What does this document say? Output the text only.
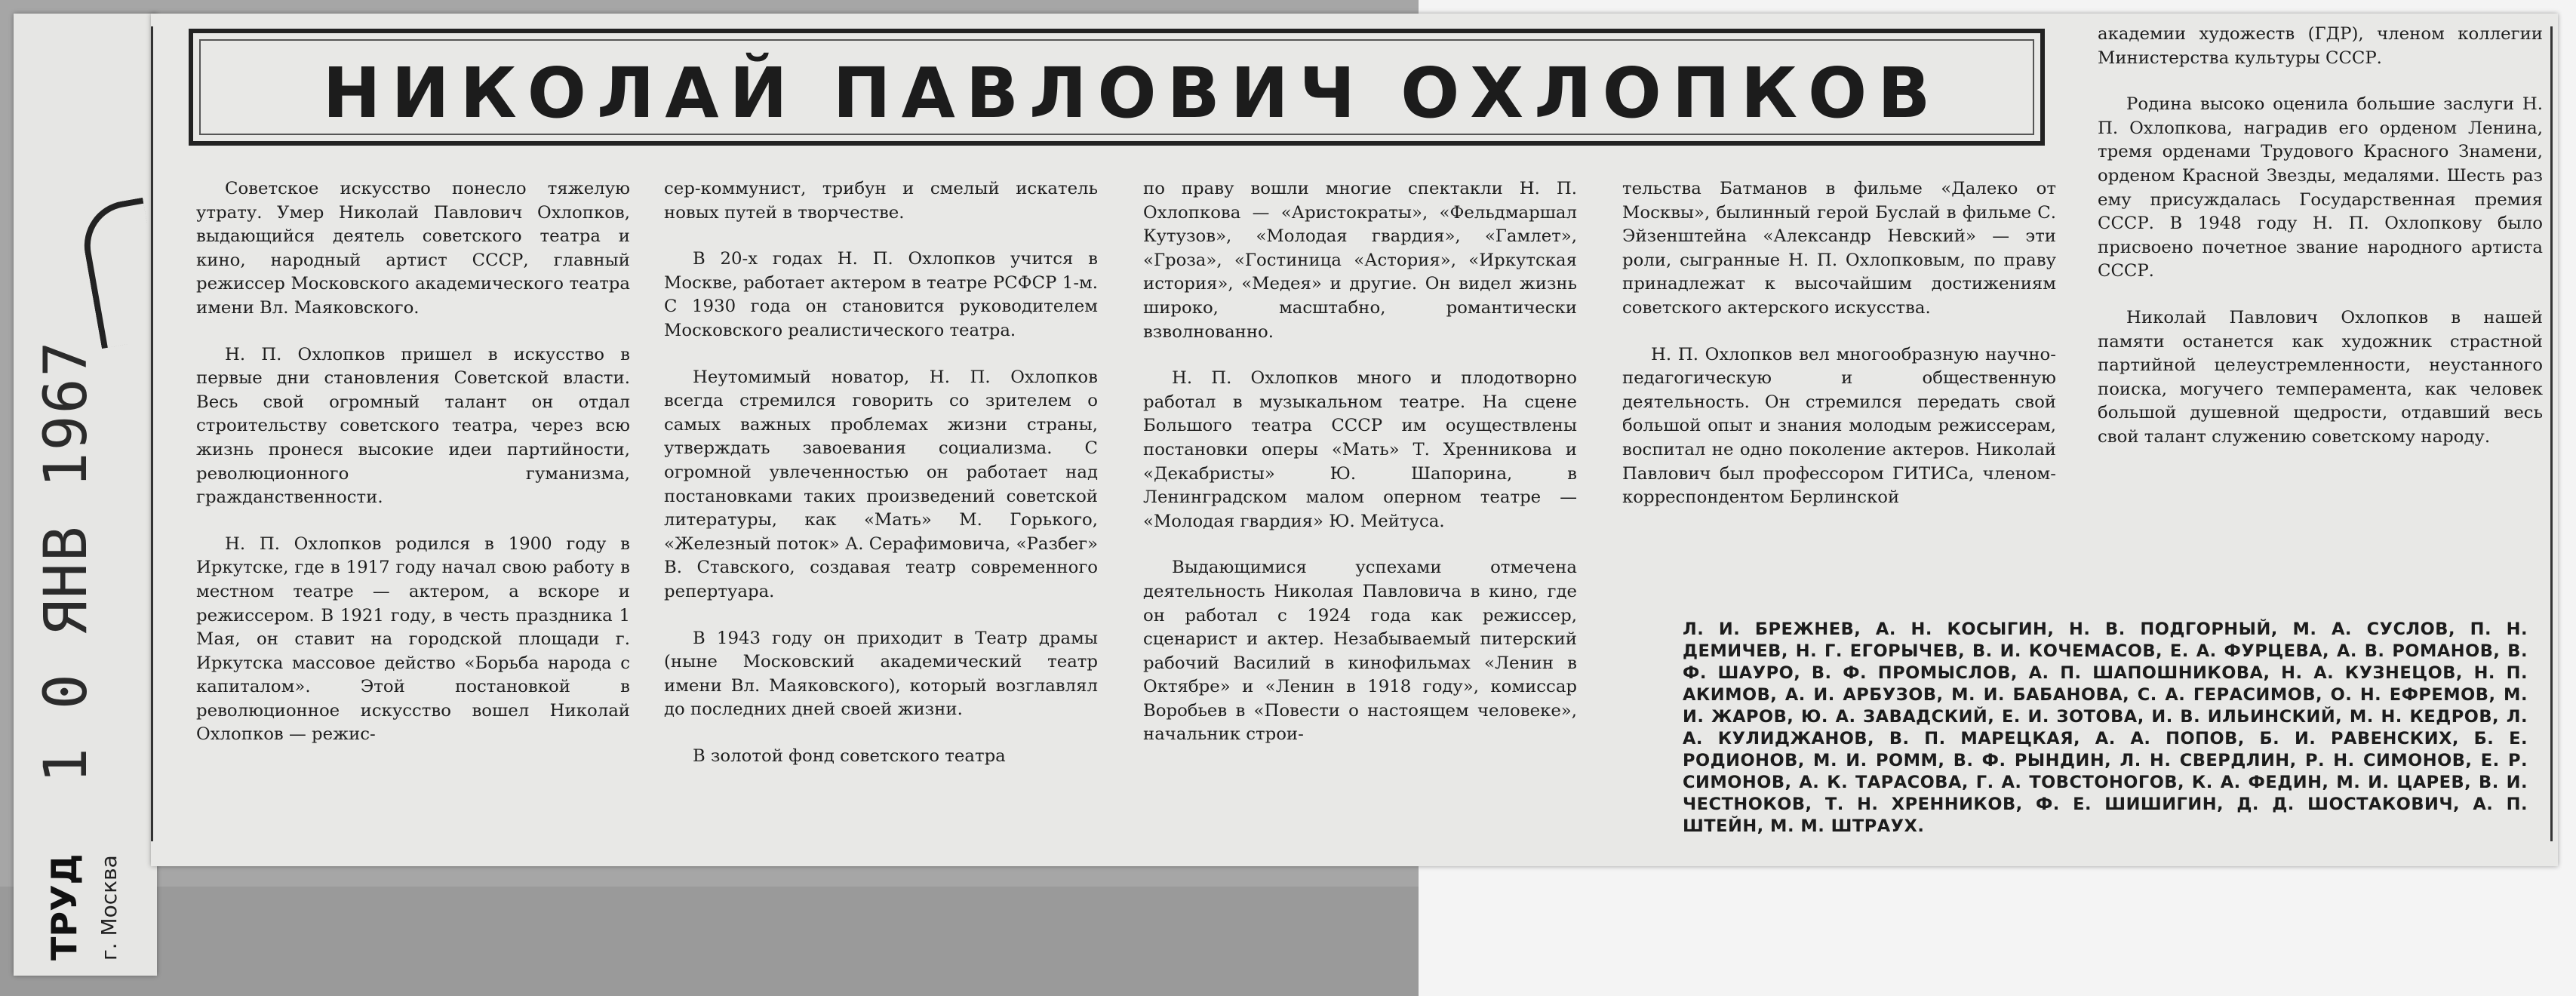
1 0 ЯНВ 1967
ТРУД г. Москва
НИКОЛАЙ ПАВЛОВИЧ ОХЛОПКОВ

Советское искусство понесло тяжелую утрату. Умер Николай Павлович Охлопков, выдающийся деятель советского театра и кино, народный артист СССР, главный режиссер Московского академического театра имени Вл. Маяковского.

Н. П. Охлопков пришел в искусство в первые дни становления Советской власти. Весь свой огромный талант он отдал строительству советского театра, через всю жизнь пронеся высокие идеи партийности, революционного гуманизма, гражданственности.

Н. П. Охлопков родился в 1900 году в Иркутске, где в 1917 году начал свою работу в местном театре — актером, а вскоре и режиссером. В 1921 году, в честь праздника 1 Мая, он ставит на городской площади г. Иркутска массовое действо «Борьба народа с капиталом». Этой постановкой в революционное искусство вошел Николай Охлопков — режис-

сер-коммунист, трибун и смелый искатель новых путей в творчестве.

В 20-х годах Н. П. Охлопков учится в Москве, работает актером в театре РСФСР 1-м. С 1930 года он становится руководителем Московского реалистического театра.

Неутомимый новатор, Н. П. Охлопков всегда стремился говорить со зрителем о самых важных проблемах жизни страны, утверждать завоевания социализма. С огромной увлеченностью он работает над постановками таких произведений советской литературы, как «Мать» М. Горького, «Железный поток» А. Серафимовича, «Разбег» В. Ставского, создавая театр современного репертуара.

В 1943 году он приходит в Театр драмы (ныне Московский академический театр имени Вл. Маяковского), который возглавлял до последних дней своей жизни.

В золотой фонд советского театра

по праву вошли многие спектакли Н. П. Охлопкова — «Аристократы», «Фельдмаршал Кутузов», «Молодая гвардия», «Гамлет», «Гроза», «Гостиница «Астория», «Иркутская история», «Медея» и другие. Он видел жизнь широко, масштабно, романтически взволнованно.

Н. П. Охлопков много и плодотворно работал в музыкальном театре. На сцене Большого театра СССР им осуществлены постановки оперы «Мать» Т. Хренникова и «Декабристы» Ю. Шапорина, в Ленинградском малом оперном театре — «Молодая гвардия» Ю. Мейтуса.

Выдающимися успехами отмечена деятельность Николая Павловича в кино, где он работал с 1924 года как режиссер, сценарист и актер. Незабываемый питерский рабочий Василий в кинофильмах «Ленин в Октябре» и «Ленин в 1918 году», комиссар Воробьев в «Повести о настоящем человеке», начальник строи-

тельства Батманов в фильме «Далеко от Москвы», былинный герой Буслай в фильме С. Эйзенштейна «Александр Невский» — эти роли, сыгранные Н. П. Охлопковым, по праву принадлежат к высочайшим достижениям советского актерского искусства.

Н. П. Охлопков вел многообразную научно-педагогическую и общественную деятельность. Он стремился передать свой большой опыт и знания молодым режиссерам, воспитал не одно поколение актеров. Николай Павлович был профессором ГИТИСа, членом-корреспондентом Берлинской

академии художеств (ГДР), членом коллегии Министерства культуры СССР.

Родина высоко оценила большие заслуги Н. П. Охлопкова, наградив его орденом Ленина, тремя орденами Трудового Красного Знамени, орденом Красной Звезды, медалями. Шесть раз ему присуждалась Государственная премия СССР. В 1948 году Н. П. Охлопкову было присвоено почетное звание народного артиста СССР.

Николай Павлович Охлопков в нашей памяти останется как художник страстной партийной целеустремленности, неустанного поиска, могучего темперамента, как человек большой душевной щедрости, отдавший весь свой талант служению советскому народу.

Л. И. БРЕЖНЕВ, А. Н. КОСЫГИН, Н. В. ПОДГОРНЫЙ, М. А. СУСЛОВ, П. Н. ДЕМИЧЕВ, Н. Г. ЕГОРЫЧЕВ, В. И. КОЧЕМАСОВ, Е. А. ФУРЦЕВА, А. В. РОМАНОВ, В. Ф. ШАУРО, В. Ф. ПРОМЫСЛОВ, А. П. ШАПОШНИКОВА, Н. А. КУЗНЕЦОВ, Н. П. АКИМОВ, А. И. АРБУЗОВ, М. И. БАБАНОВА, С. А. ГЕРАСИМОВ, О. Н. ЕФРЕМОВ, М. И. ЖАРОВ, Ю. А. ЗАВАДСКИЙ, Е. И. ЗОТОВА, И. В. ИЛЬИНСКИЙ, М. Н. КЕДРОВ, Л. А. КУЛИДЖАНОВ, В. П. МАРЕЦКАЯ, А. А. ПОПОВ, Б. И. РАВЕНСКИХ, Б. Е. РОДИОНОВ, М. И. РОММ, В. Ф. РЫНДИН, Л. Н. СВЕРДЛИН, Р. Н. СИМОНОВ, Е. Р. СИМОНОВ, А. К. ТАРАСОВА, Г. А. ТОВСТОНОГОВ, К. А. ФЕДИН, М. И. ЦАРЕВ, В. И. ЧЕСТНОКОВ, Т. Н. ХРЕННИКОВ, Ф. Е. ШИШИГИН, Д. Д. ШОСТАКОВИЧ, А. П. ШТЕЙН, М. М. ШТРАУХ.
